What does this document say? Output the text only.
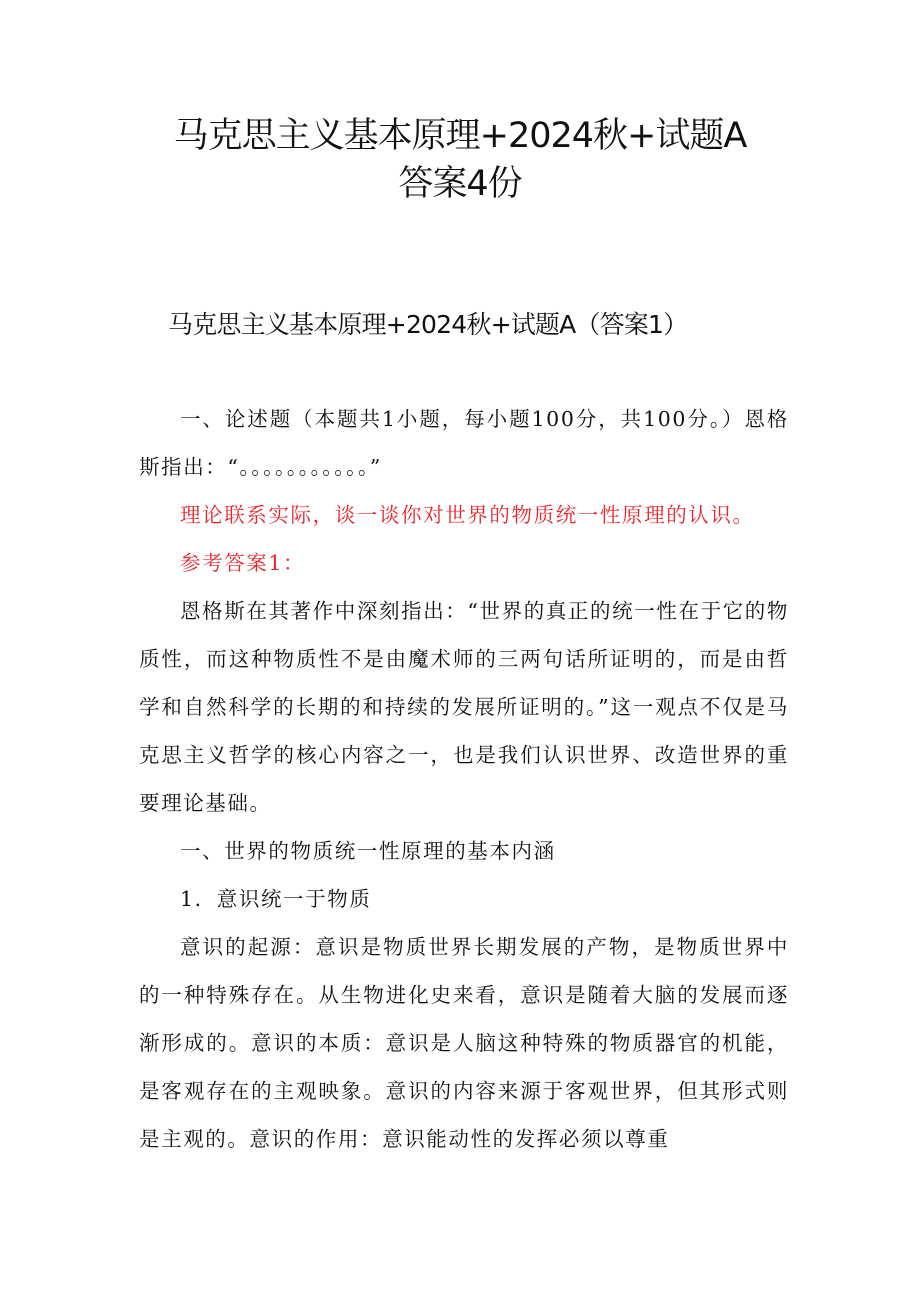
马克思主义基本原理+2024秋+试题A
答案4份
马克思主义基本原理+2024秋+试题A（答案1）

一、论述题（本题共1小题，每小题100分，共100分。）恩格斯指出：“。。。。。。。。。。。”

理论联系实际，谈一谈你对世界的物质统一性原理的认识。

参考答案1：

恩格斯在其著作中深刻指出：“世界的真正的统一性在于它的物质性，而这种物质性不是由魔术师的三两句话所证明的，而是由哲学和自然科学的长期的和持续的发展所证明的。”这一观点不仅是马克思主义哲学的核心内容之一，也是我们认识世界、改造世界的重要理论基础。

一、世界的物质统一性原理的基本内涵

1．意识统一于物质

意识的起源：意识是物质世界长期发展的产物，是物质世界中的一种特殊存在。从生物进化史来看，意识是随着大脑的发展而逐渐形成的。意识的本质：意识是人脑这种特殊的物质器官的机能，是客观存在的主观映象。意识的内容来源于客观世界，但其形式则是主观的。意识的作用：意识能动性的发挥必须以尊重
